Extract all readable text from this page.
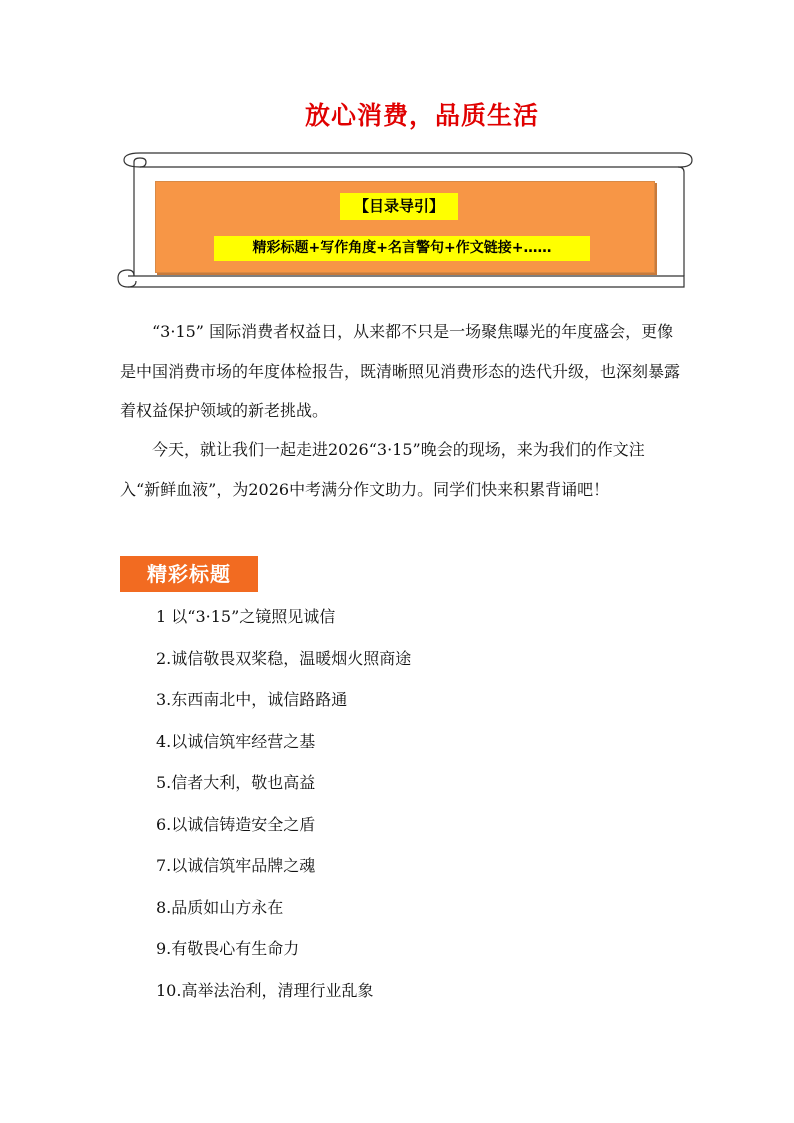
放心消费，品质生活
【目录导引】
精彩标题+写作角度+名言警句+作文链接+……

“3·15” 国际消费者权益日，从来都不只是一场聚焦曝光的年度盛会，更像是中国消费市场的年度体检报告，既清晰照见消费形态的迭代升级，也深刻暴露着权益保护领域的新老挑战。

今天，就让我们一起走进2026“3·15”晚会的现场，来为我们的作文注入“新鲜血液”，为2026中考满分作文助力。同学们快来积累背诵吧！

精彩标题
1 以“3·15”之镜照见诚信
2.诚信敬畏双桨稳，温暖烟火照商途
3.东西南北中，诚信路路通
4.以诚信筑牢经营之基
5.信者大利，敬也高益
6.以诚信铸造安全之盾
7.以诚信筑牢品牌之魂
8.品质如山方永在
9.有敬畏心有生命力
10.高举法治利，清理行业乱象
